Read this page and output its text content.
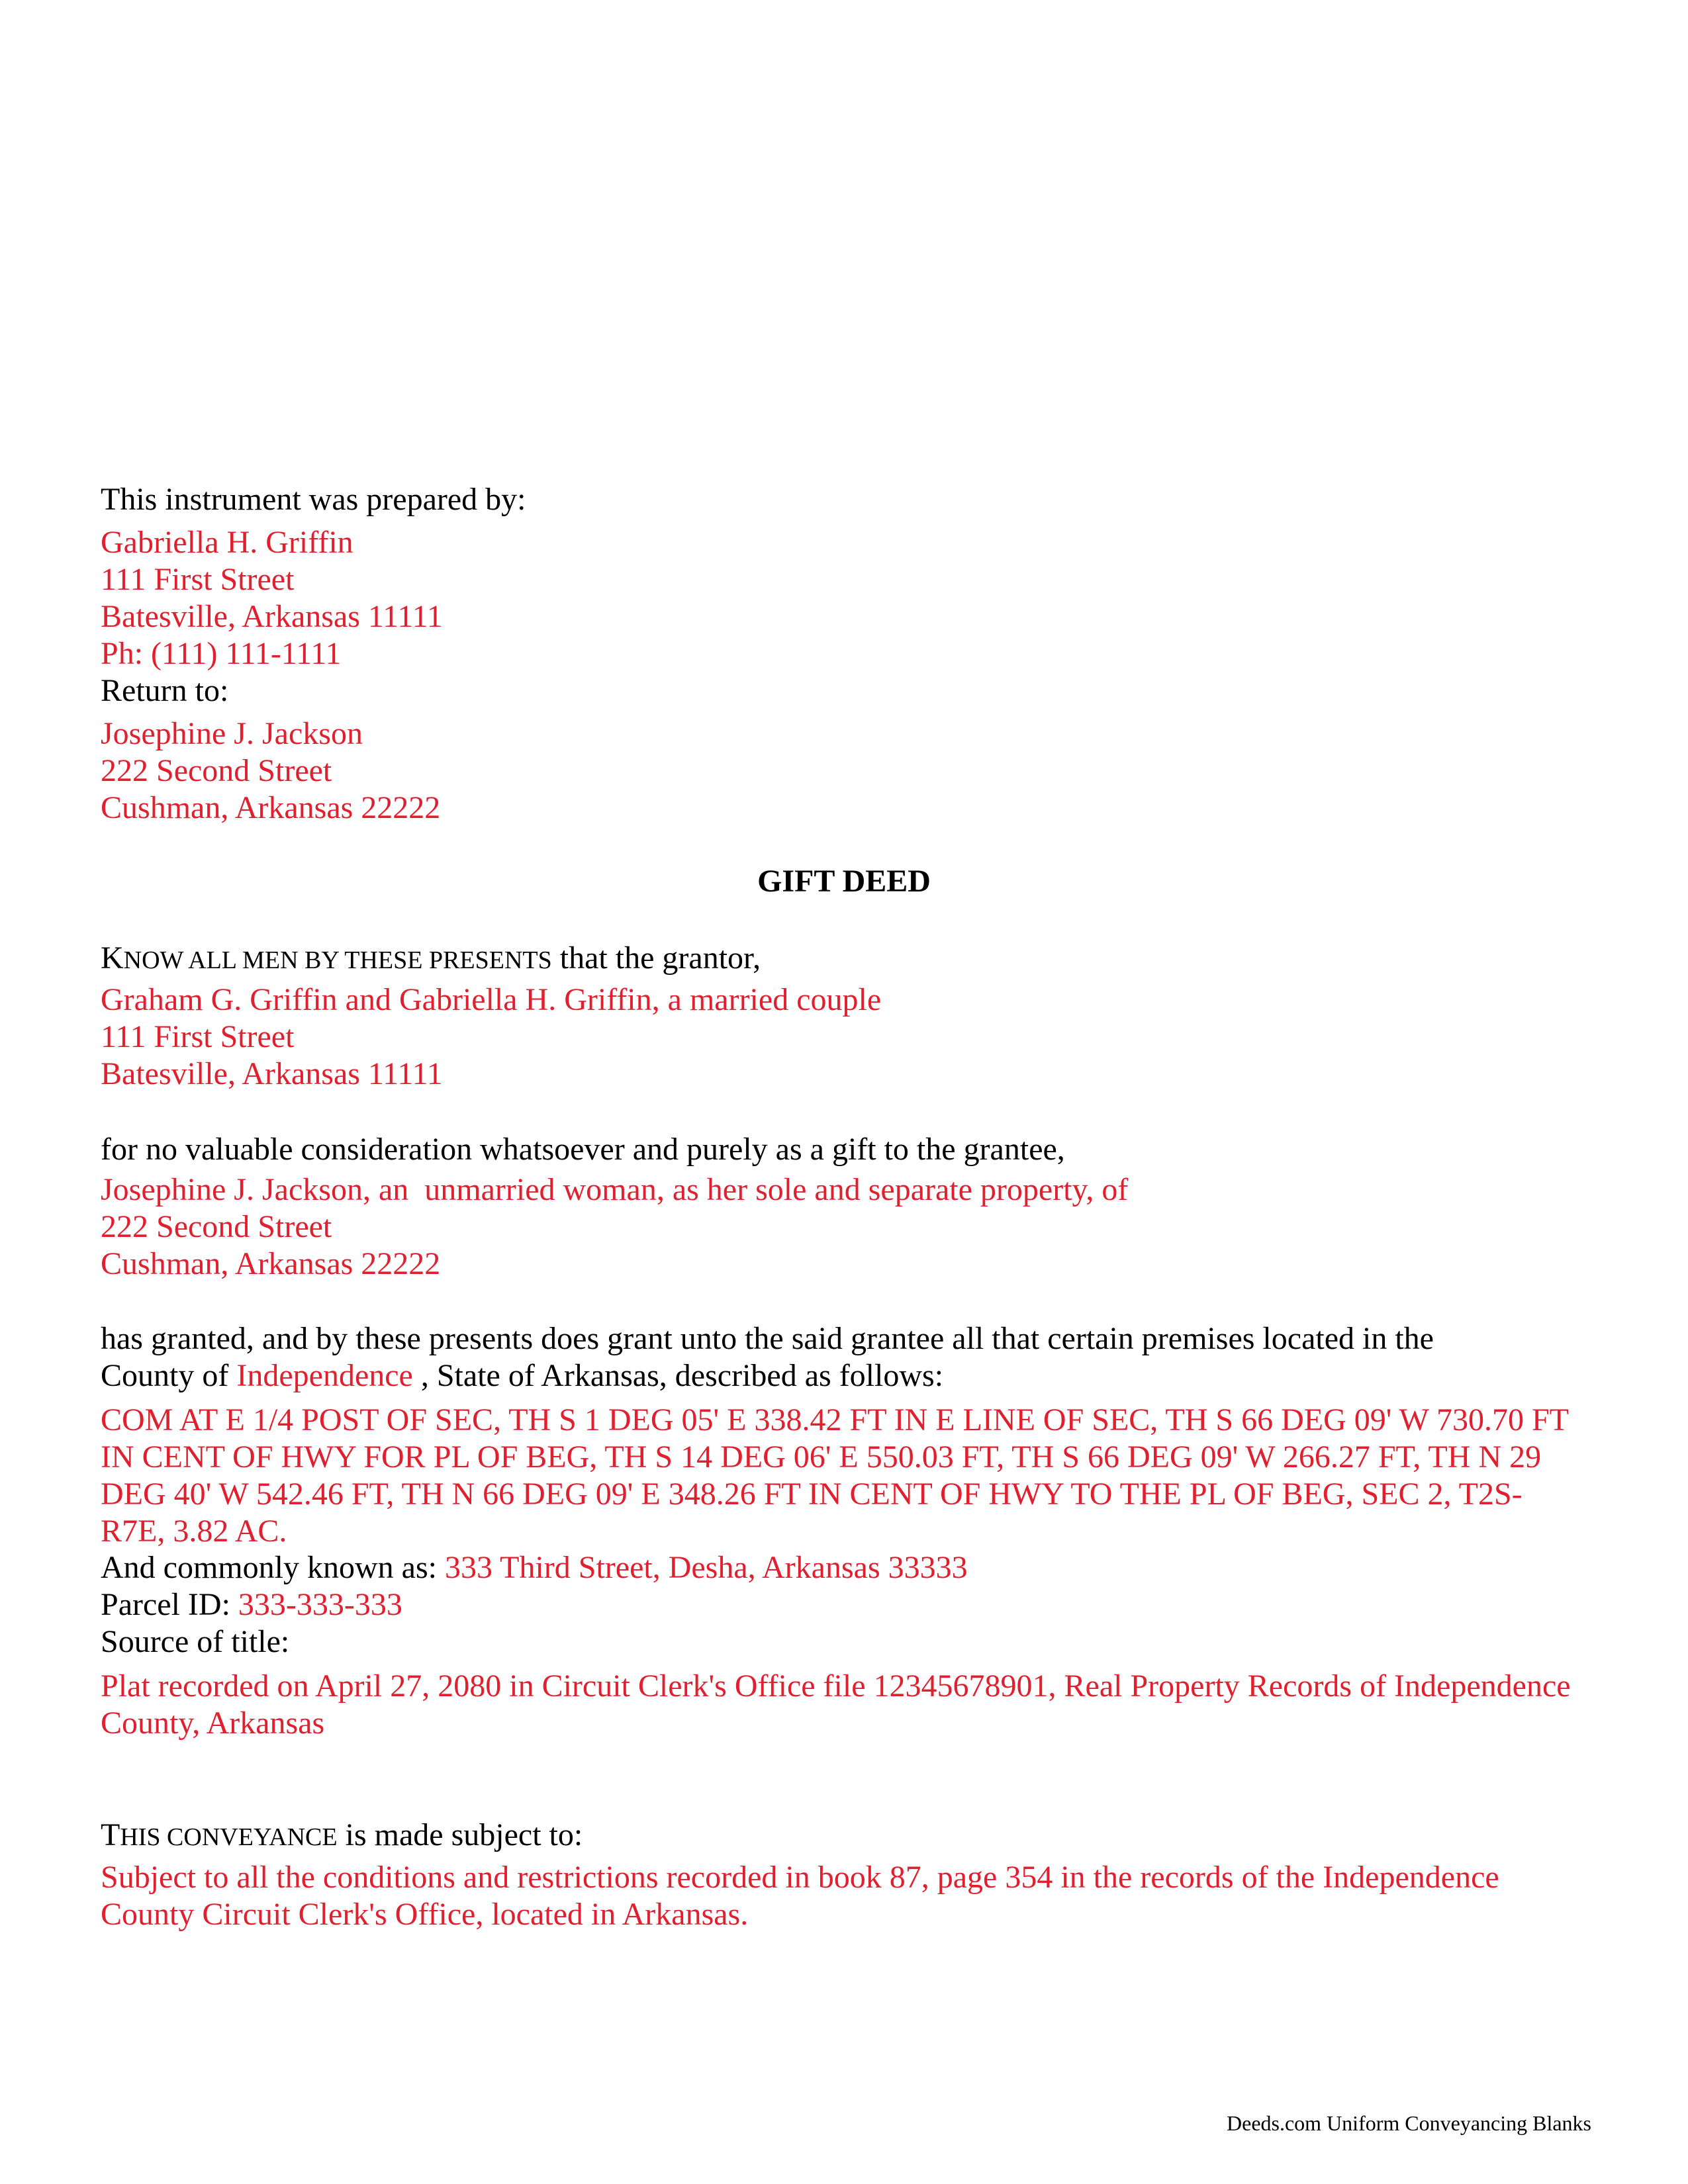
This instrument was prepared by:
Gabriella H. Griffin
111 First Street
Batesville, Arkansas 11111
Ph: (111) 111-1111
Return to:
Josephine J. Jackson
222 Second Street
Cushman, Arkansas 22222
GIFT DEED
KNOW ALL MEN BY THESE PRESENTS that the grantor,
Graham G. Griffin and Gabriella H. Griffin, a married couple
111 First Street
Batesville, Arkansas 11111
for no valuable consideration whatsoever and purely as a gift to the grantee,
Josephine J. Jackson, an  unmarried woman, as her sole and separate property, of
222 Second Street
Cushman, Arkansas 22222
has granted, and by these presents does grant unto the said grantee all that certain premises located in the
County of Independence , State of Arkansas, described as follows:
COM AT E 1/4 POST OF SEC, TH S 1 DEG 05' E 338.42 FT IN E LINE OF SEC, TH S 66 DEG 09' W 730.70 FT IN CENT OF HWY FOR PL OF BEG, TH S 14 DEG 06' E 550.03 FT, TH S 66 DEG 09' W 266.27 FT, TH N 29 DEG 40' W 542.46 FT, TH N 66 DEG 09' E 348.26 FT IN CENT OF HWY TO THE PL OF BEG, SEC 2, T2S-R7E, 3.82 AC.
And commonly known as: 333 Third Street, Desha, Arkansas 33333
Parcel ID: 333-333-333
Source of title:
Plat recorded on April 27, 2080 in Circuit Clerk's Office file 12345678901, Real Property Records of Independence County, Arkansas
THIS CONVEYANCE is made subject to:
Subject to all the conditions and restrictions recorded in book 87, page 354 in the records of the Independence County Circuit Clerk's Office, located in Arkansas.
Deeds.com Uniform Conveyancing Blanks
